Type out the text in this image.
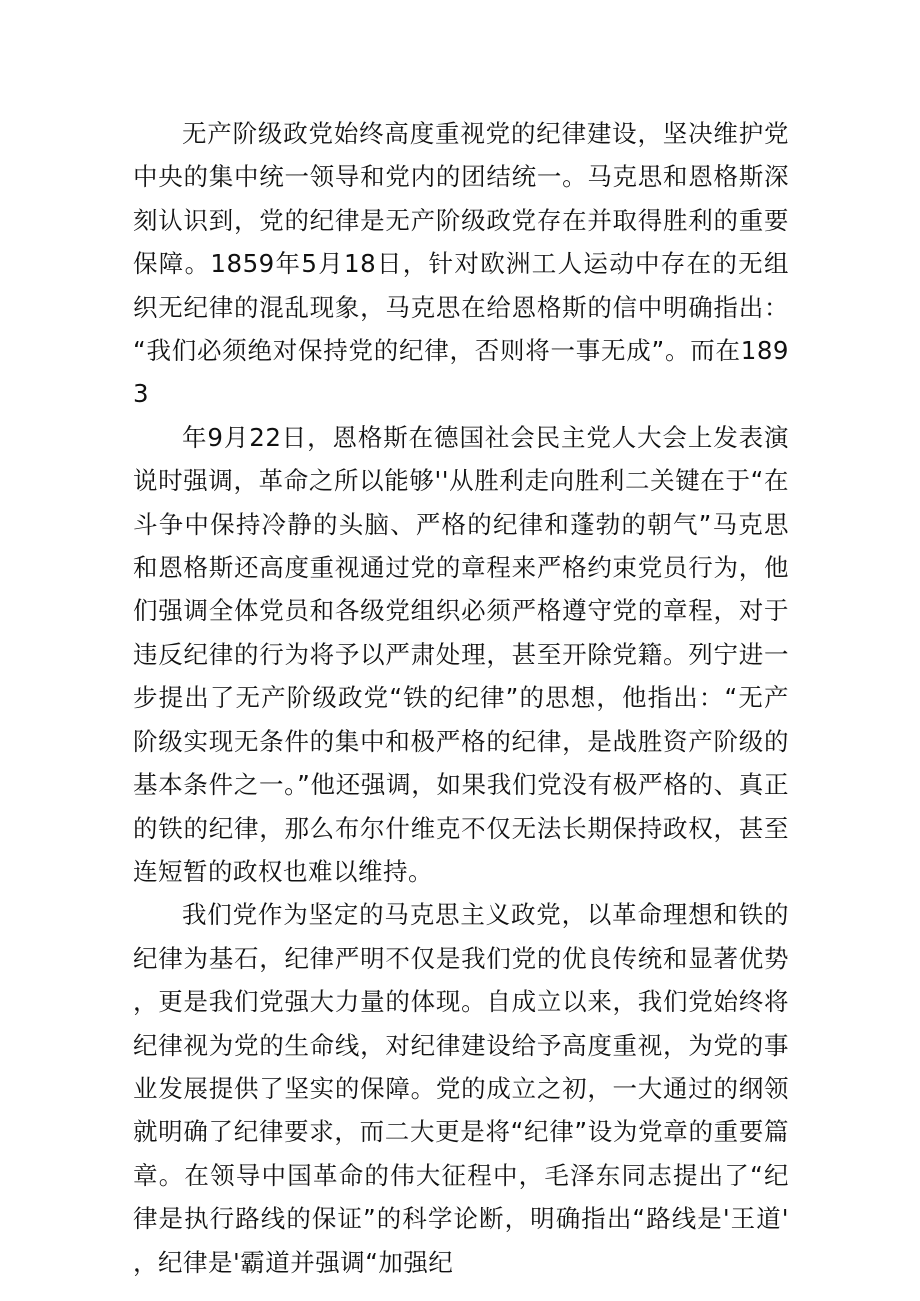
无产阶级政党始终高度重视党的纪律建设，坚决维护党中央的集中统一领导和党内的团结统一。马克思和恩格斯深刻认识到，党的纪律是无产阶级政党存在并取得胜利的重要保障。1859年5月18日，针对欧洲工人运动中存在的无组织无纪律的混乱现象，马克思在给恩格斯的信中明确指出：“我们必须绝对保持党的纪律，否则将一事无成”。而在1893

年9月22日，恩格斯在德国社会民主党人大会上发表演说时强调，革命之所以能够''从胜利走向胜利二关键在于“在斗争中保持冷静的头脑、严格的纪律和蓬勃的朝气”马克思和恩格斯还高度重视通过党的章程来严格约束党员行为，他们强调全体党员和各级党组织必须严格遵守党的章程，对于违反纪律的行为将予以严肃处理，甚至开除党籍。列宁进一步提出了无产阶级政党“铁的纪律”的思想，他指出：“无产阶级实现无条件的集中和极严格的纪律，是战胜资产阶级的基本条件之一。”他还强调，如果我们党没有极严格的、真正的铁的纪律，那么布尔什维克不仅无法长期保持政权，甚至连短暂的政权也难以维持。

我们党作为坚定的马克思主义政党，以革命理想和铁的纪律为基石，纪律严明不仅是我们党的优良传统和显著优势，更是我们党强大力量的体现。自成立以来，我们党始终将纪律视为党的生命线，对纪律建设给予高度重视，为党的事业发展提供了坚实的保障。党的成立之初，一大通过的纲领就明确了纪律要求，而二大更是将“纪律”设为党章的重要篇章。在领导中国革命的伟大征程中，毛泽东同志提出了“纪律是执行路线的保证”的科学论断，明确指出“路线是'王道'，纪律是'霸道并强调“加强纪
